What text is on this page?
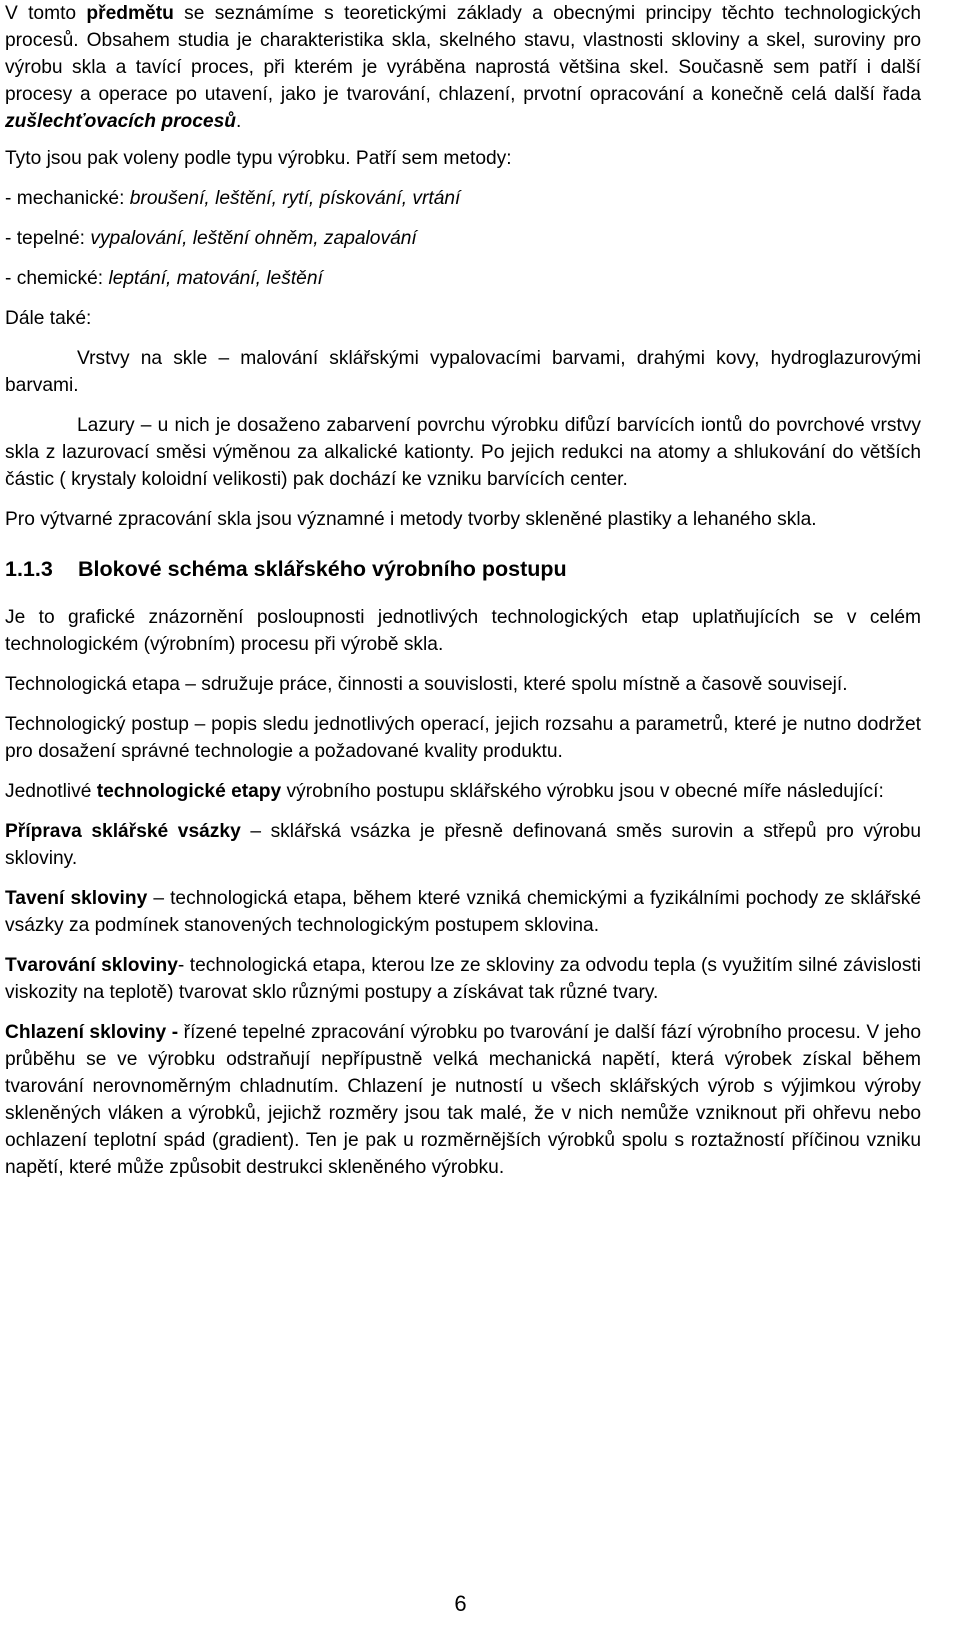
V tomto předmětu se seznámíme s teoretickými základy a obecnými principy těchto technologických procesů. Obsahem studia je charakteristika skla, skelného stavu, vlastnosti skloviny a skel, suroviny pro výrobu skla a tavící proces, při kterém je vyráběna naprostá většina skel. Současně sem patří i další procesy a operace po utavení, jako je tvarování, chlazení, prvotní opracování a konečně celá další řada zušlechťovacích procesů.

Tyto jsou pak voleny podle typu výrobku. Patří sem metody:

- mechanické: broušení, leštění, rytí, pískování, vrtání

- tepelné: vypalování, leštění ohněm, zapalování

- chemické: leptání, matování, leštění

Dále také:

Vrstvy na skle – malování sklářskými vypalovacími barvami, drahými kovy, hydroglazurovými barvami.

Lazury – u nich je dosaženo zabarvení povrchu výrobku difůzí barvících iontů do povrchové vrstvy skla z lazurovací směsi výměnou za alkalické kationty. Po jejich redukci na atomy a shlukování do větších částic ( krystaly koloidní velikosti) pak dochází ke vzniku barvících center.

Pro výtvarné zpracování skla jsou významné i metody tvorby skleněné plastiky a lehaného skla.

1.1.3 Blokové schéma sklářského výrobního postupu

Je to grafické znázornění posloupnosti jednotlivých technologických etap uplatňujících se v celém technologickém (výrobním) procesu při výrobě skla.

Technologická etapa – sdružuje práce, činnosti a souvislosti, které spolu místně a časově souvisejí.

Technologický postup – popis sledu jednotlivých operací, jejich rozsahu a parametrů, které je nutno dodržet pro dosažení správné technologie a požadované kvality produktu.

Jednotlivé technologické etapy výrobního postupu sklářského výrobku jsou v obecné míře následující:

Příprava sklářské vsázky – sklářská vsázka je přesně definovaná směs surovin a střepů pro výrobu skloviny.

Tavení skloviny – technologická etapa, během které vzniká chemickými a fyzikálními pochody ze sklářské vsázky za podmínek stanovených technologickým postupem sklovina.

Tvarování skloviny- technologická etapa, kterou lze ze skloviny za odvodu tepla (s využitím silné závislosti viskozity na teplotě) tvarovat sklo různými postupy a získávat tak různé tvary.

Chlazení skloviny - řízené tepelné zpracování výrobku po tvarování je další fází výrobního procesu. V jeho průběhu se ve výrobku odstraňují nepřípustně velká mechanická napětí, která výrobek získal během tvarování nerovnoměrným chladnutím. Chlazení je nutností u všech sklářských výrob s výjimkou výroby skleněných vláken a výrobků, jejichž rozměry jsou tak malé, že v nich nemůže vzniknout při ohřevu nebo ochlazení teplotní spád (gradient). Ten je pak u rozměrnějších výrobků spolu s roztažností příčinou vzniku napětí, které může způsobit destrukci skleněného výrobku.

6
